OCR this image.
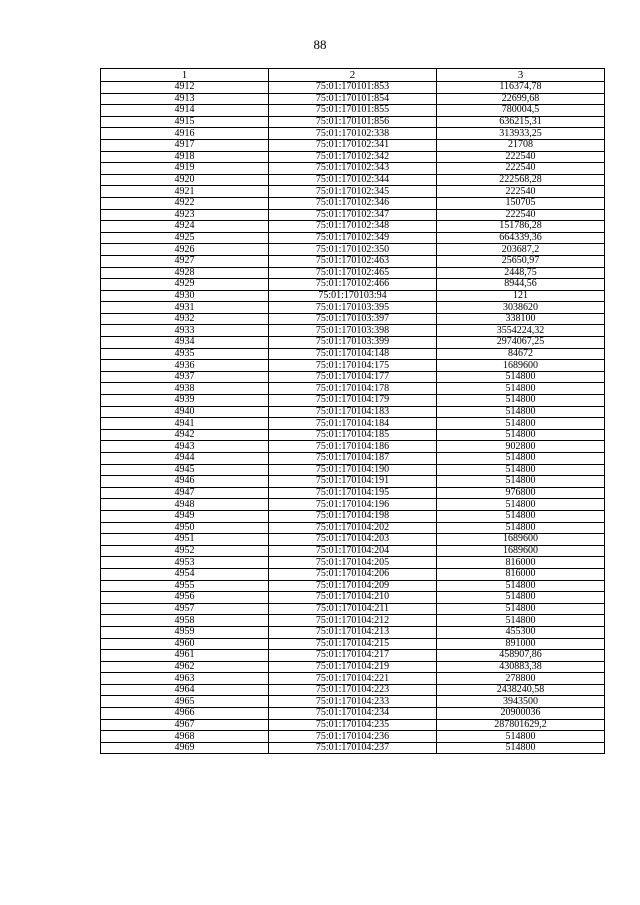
88
1	2	3
4912	75:01:170101:853	116374,78
4913	75:01:170101:854	22699,68
4914	75:01:170101:855	780004,5
4915	75:01:170101:856	636215,31
4916	75:01:170102:338	313933,25
4917	75:01:170102:341	21708
4918	75:01:170102:342	222540
4919	75:01:170102:343	222540
4920	75:01:170102:344	222568,28
4921	75:01:170102:345	222540
4922	75:01:170102:346	150705
4923	75:01:170102:347	222540
4924	75:01:170102:348	151786,28
4925	75:01:170102:349	664339,36
4926	75:01:170102:350	203687,2
4927	75:01:170102:463	25650,97
4928	75:01:170102:465	2448,75
4929	75:01:170102:466	8944,56
4930	75:01:170103:94	121
4931	75:01:170103:395	3038620
4932	75:01:170103:397	338100
4933	75:01:170103:398	3554224,32
4934	75:01:170103:399	2974067,25
4935	75:01:170104:148	84672
4936	75:01:170104:175	1689600
4937	75:01:170104:177	514800
4938	75:01:170104:178	514800
4939	75:01:170104:179	514800
4940	75:01:170104:183	514800
4941	75:01:170104:184	514800
4942	75:01:170104:185	514800
4943	75:01:170104:186	902800
4944	75:01:170104:187	514800
4945	75:01:170104:190	514800
4946	75:01:170104:191	514800
4947	75:01:170104:195	976800
4948	75:01:170104:196	514800
4949	75:01:170104:198	514800
4950	75:01:170104:202	514800
4951	75:01:170104:203	1689600
4952	75:01:170104:204	1689600
4953	75:01:170104:205	816000
4954	75:01:170104:206	816000
4955	75:01:170104:209	514800
4956	75:01:170104:210	514800
4957	75:01:170104:211	514800
4958	75:01:170104:212	514800
4959	75:01:170104:213	455300
4960	75:01:170104:215	891000
4961	75:01:170104:217	458907,86
4962	75:01:170104:219	430883,38
4963	75:01:170104:221	278800
4964	75:01:170104:223	2438240,58
4965	75:01:170104:233	3943500
4966	75:01:170104:234	20900036
4967	75:01:170104:235	287801629,2
4968	75:01:170104:236	514800
4969	75:01:170104:237	514800
